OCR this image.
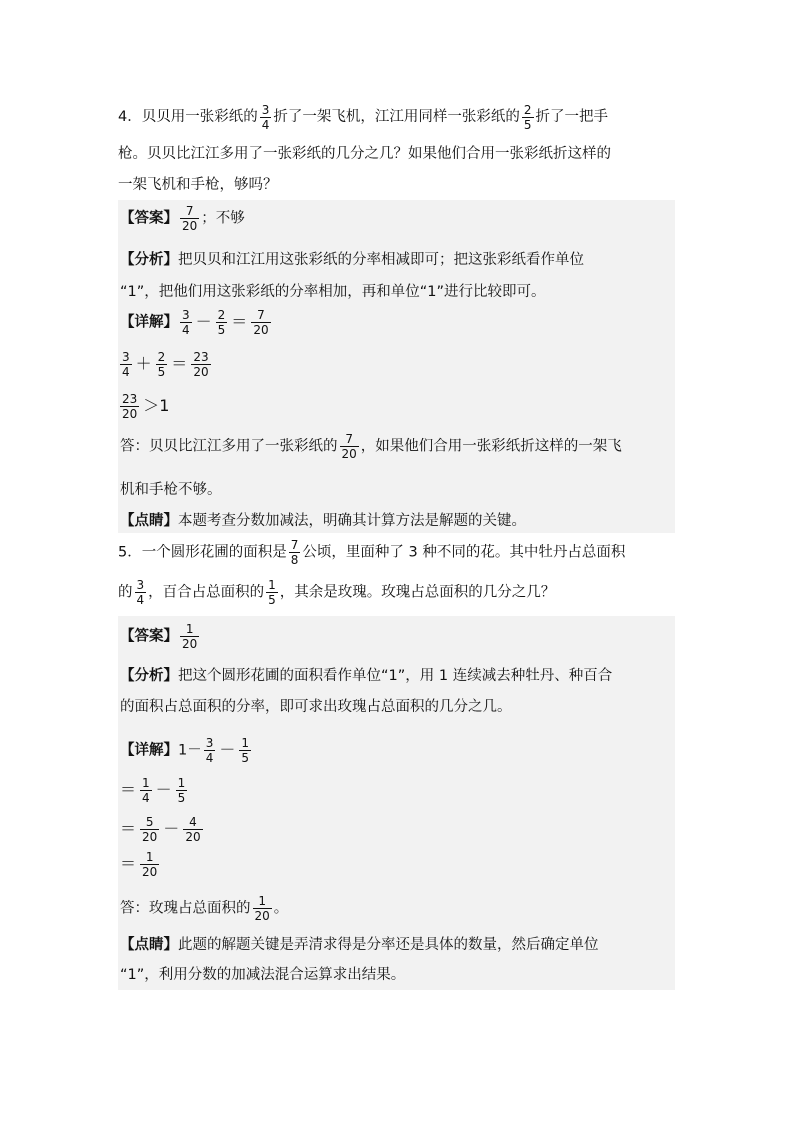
4．贝贝用一张彩纸的 $\frac{3}{4}$ 折了一架飞机，江江用同样一张彩纸的 $\frac{2}{5}$ 折了一把手
枪。贝贝比江江多用了一张彩纸的几分之几？如果他们合用一张彩纸折这样的
一架飞机和手枪，够吗？
【答案】 $\frac{7}{20}$ ；不够
【分析】把贝贝和江江用这张彩纸的分率相减即可；把这张彩纸看作单位
“1”，把他们用这张彩纸的分率相加，再和单位“1”进行比较即可。
【详解】 $\frac{3}{4} - \frac{2}{5} = \frac{7}{20}$
$\frac{3}{4} + \frac{2}{5} = \frac{23}{20}$
$\frac{23}{20} >1$
答：贝贝比江江多用了一张彩纸的 $\frac{7}{20}$ ，如果他们合用一张彩纸折这样的一架飞
机和手枪不够。
【点睛】本题考查分数加减法，明确其计算方法是解题的关键。
5．一个圆形花圃的面积是 $\frac{7}{8}$ 公顷，里面种了 3 种不同的花。其中牡丹占总面积
的 $\frac{3}{4}$ ，百合占总面积的 $\frac{1}{5}$ ，其余是玫瑰。玫瑰占总面积的几分之几？
【答案】 $\frac{1}{20}$
【分析】把这个圆形花圃的面积看作单位“1”，用 1 连续减去种牡丹、种百合
的面积占总面积的分率，即可求出玫瑰占总面积的几分之几。
【详解】$1- \frac{3}{4} - \frac{1}{5}$
＝ $\frac{1}{4} - \frac{1}{5}$
＝ $\frac{5}{20} - \frac{4}{20}$
＝ $\frac{1}{20}$
答：玫瑰占总面积的 $\frac{1}{20}$ 。
【点睛】此题的解题关键是弄清求得是分率还是具体的数量，然后确定单位
“1”，利用分数的加减法混合运算求出结果。
